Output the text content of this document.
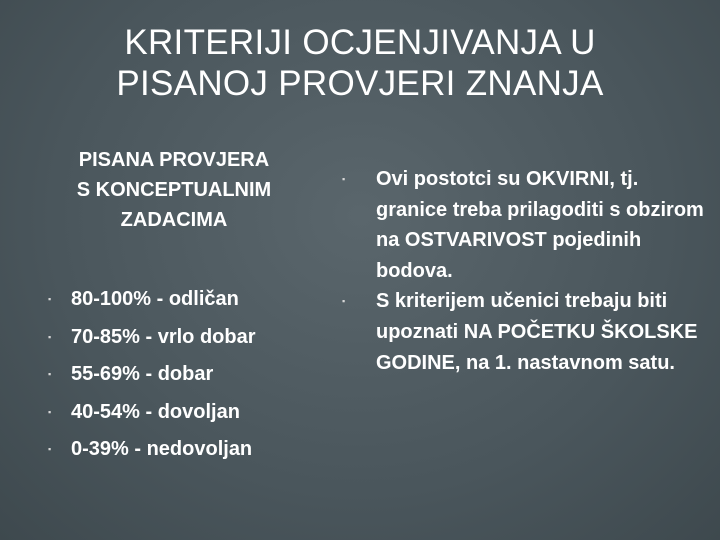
KRITERIJI OCJENJIVANJA U
PISANOJ PROVJERI ZNANJA
PISANA PROVJERA
S KONCEPTUALNIM
ZADACIMA
▪ 80-100% - odličan
▪ 70-85% - vrlo dobar
▪ 55-69% - dobar
▪ 40-54% - dovoljan
▪ 0-39% - nedovoljan
▪ Ovi postotci su OKVIRNI, tj. granice treba prilagoditi s obzirom na OSTVARIVOST pojedinih bodova.
▪ S kriterijem učenici trebaju biti upoznati NA POČETKU ŠKOLSKE GODINE, na 1. nastavnom satu.
